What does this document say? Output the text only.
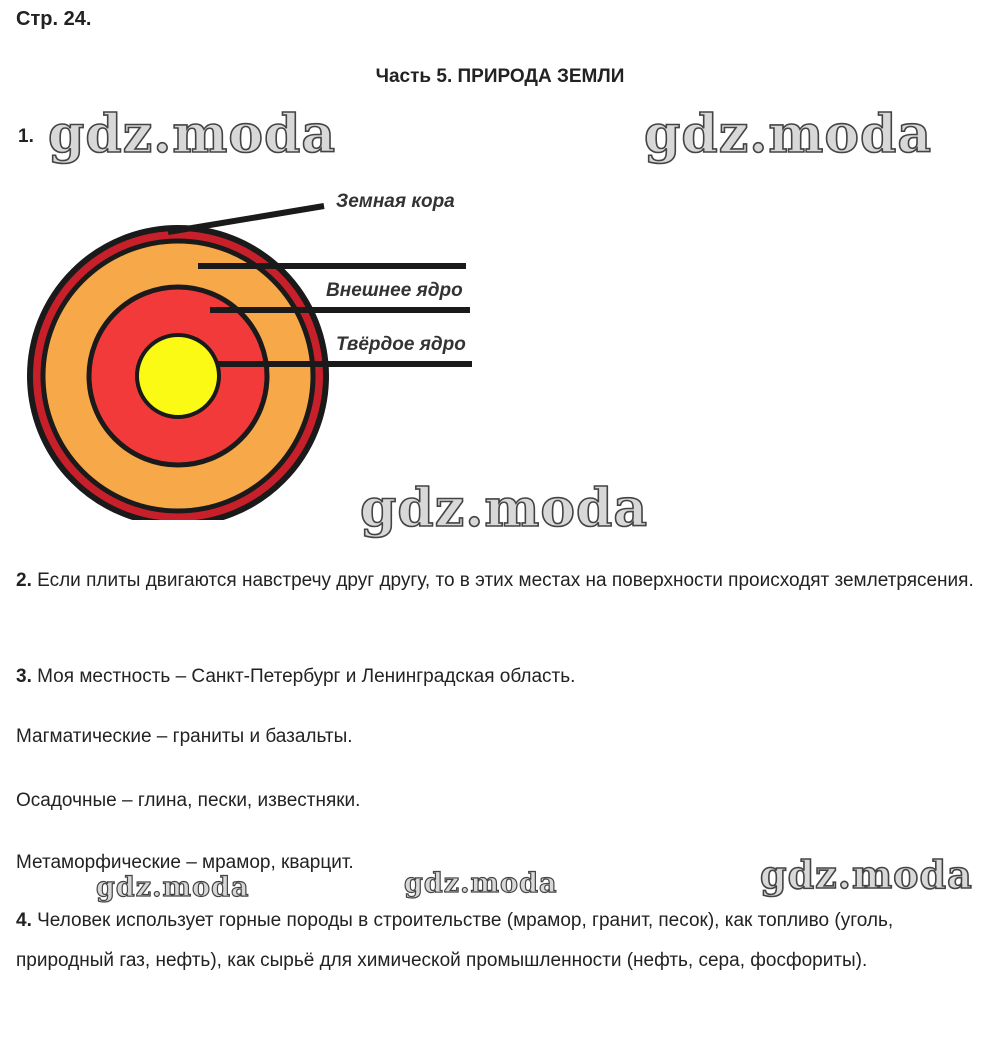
Стр. 24.
Часть 5. ПРИРОДА ЗЕМЛИ
1. gdz.moda	gdz.moda
gdz.moda
gdz.moda
gdz.moda	gdz.moda
Земная кора
Внешнее ядро
Твёрдое ядро
2. Если плиты двигаются навстречу друг другу, то в этих местах на поверхности происходят землетрясения.
3. Моя местность – Санкт-Петербург и Ленинградская область.
Магматические – граниты и базальты.
Осадочные – глина, пески, известняки.
Метаморфические – мрамор, кварцит.
4. Человек использует горные породы в строительстве (мрамор, гранит, песок), как топливо (уголь, природный газ, нефть), как сырьё для химической промышленности (нефть, сера, фосфориты).
